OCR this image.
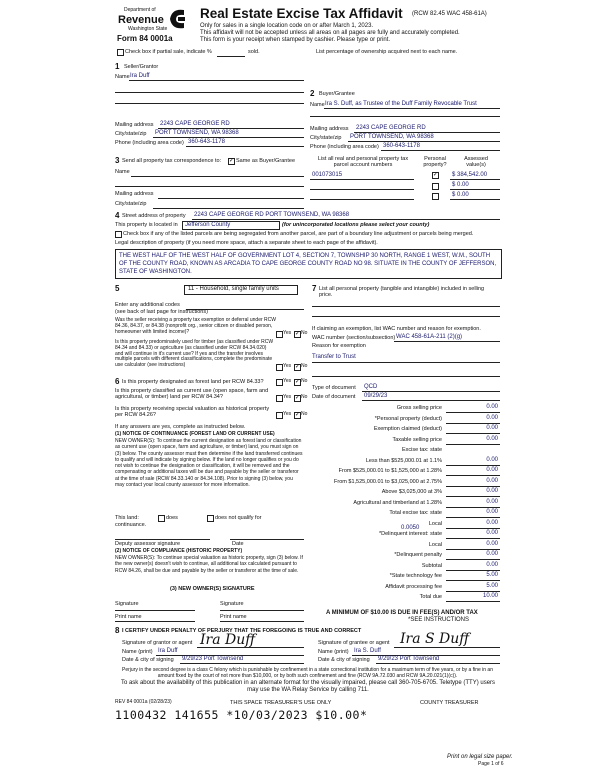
Department of
Revenue
Washington State
Form 84 0001a
Real Estate Excise Tax Affidavit (RCW 82.45 WAC 458-61A)
Only for sales in a single location code on or after March 1, 2023.
This affidavit will not be accepted unless all areas on all pages are fully and accurately completed.
This form is your receipt when stamped by cashier. Please type or print.
Check box if partial sale, indicate %	sold.	List percentage of ownership acquired next to each name.
1 Seller/Grantor
Name Ira Duff
Mailing address 2243 CAPE GEORGE RD
City/state/zip PORT TOWNSEND, WA 98368
Phone (including area code) 360-643-1178
2 Buyer/Grantee
Name Ira S. Duff, as Trustee of the Duff Family Revocable Trust
Mailing address 2243 CAPE GEORGE RD
City/state/zip PORT TOWNSEND, WA 98368
Phone (including area code) 360-643-1178
3 Send all property tax correspondence to: ✓ Same as Buyer/Grantee
Name
Mailing address
City/state/zip
List all real and personal property tax parcel account numbers
Personal property?
Assessed value(s)
001073015	✓ $ 384,542.00
$ 0.00
$ 0.00
4 Street address of property 2243 CAPE GEORGE RD PORT TOWNSEND, WA 98368
This property is located in Jefferson County	(for unincorporated locations please select your county)
Check box if any of the listed parcels are being segregated from another parcel, are part of a boundary line adjustment or parcels being merged.
Legal description of property (if you need more space, attach a separate sheet to each page of the affidavit).
THE WEST HALF OF THE WEST HALF OF GOVERNMENT LOT 4, SECTION 7, TOWNSHIP 30 NORTH, RANGE 1 WEST, W.M., SOUTH OF THE COUNTY ROAD, KNOWN AS ARCADIA TO CAPE GEORGE COUNTY ROAD NO 98. SITUATE IN THE COUNTY OF JEFFERSON, STATE OF WASHINGTON.
5	11 - Household, single family units
Enter any additional codes
(see back of last page for instructions)
Was the seller receiving a property tax exemption or deferral under RCW 84.36, 84.37, or 84.38 (nonprofit org., senior citizen or disabled person, homeowner with limited income)?	Yes ✓ No
Is this property predominately used for timber (as classified under RCW 84.34 and 84.33) or agriculture (as classified under RCW 84.34.020) and will continue in it's current use? If yes and the transfer involves multiple parcels with different classifications, complete the predominate use calculator (see instructions)	Yes ✓ No
6 Is this property designated as forest land per RCW 84.33?	Yes ✓ No
Is this property classified as current use (open space, farm and agricultural, or timber) land per RCW 84.34?	Yes ✓ No
Is this property receiving special valuation as historical property per RCW 84.26?	Yes ✓ No
If any answers are yes, complete as instructed below.
(1) NOTICE OF CONTINUANCE (FOREST LAND OR CURRENT USE)
NEW OWNER(S): To continue the current designation as forest land or classification as current use (open space, farm and agriculture, or timber) land, you must sign on (3) below. The county assessor must then determine if the land transferred continues to qualify and will indicate by signing below. If the land no longer qualifies or you do not wish to continue the designation or classification, it will be removed and the compensating or additional taxes will be due and payable by the seller or transferor at the time of sale (RCW 84.33.140 or 84.34.108). Prior to signing (3) below, you may contact your local county assessor for more information.
This land:	does	does not qualify for
continuance.
Deputy assessor signature	Date
(2) NOTICE OF COMPLIANCE (HISTORIC PROPERTY)
NEW OWNER(S): To continue special valuation as historic property, sign (3) below. If the new owner(s) doesn't wish to continue, all additional tax calculated pursuant to RCW 84.26, shall be due and payable by the seller or transferor at the time of sale.
(3) NEW OWNER(S) SIGNATURE
Signature	Signature
Print name	Print name
7 List all personal property (tangible and intangible) included in selling price.
If claiming an exemption, list WAC number and reason for exemption.
WAC number (section/subsection) WAC 458-61A-211 (2)(g)
Reason for exemption
Transfer to Trust
Type of document QCD
Date of document 09/29/23
Gross selling price	0.00
*Personal property (deduct)	0.00
Exemption claimed (deduct)	0.00
Taxable selling price	0.00
Excise tax: state
Less than $525,000.01 at 1.1%	0.00
From $525,000.01 to $1,525,000 at 1.28%	0.00
From $1,525,000.01 to $3,025,000 at 2.75%	0.00
Above $3,025,000 at 3%	0.00
Agricultural and timberland at 1.28%	0.00
Total excise tax: state	0.00
Local	0.00
*Delinquent interest: state	0.00
Local	0.00
*Delinquent penalty	0.00
Subtotal	0.00
*State technology fee	5.00
Affidavit processing fee	5.00
Total due	10.00
0.0050
A MINIMUM OF $10.00 IS DUE IN FEE(S) AND/OR TAX
*SEE INSTRUCTIONS
8 I CERTIFY UNDER PENALTY OF PERJURY THAT THE FOREGOING IS TRUE AND CORRECT
Signature of grantor or agent Ira Duff
Name (print) Ira Duff
Date & city of signing 9/29/23 Port Townsend
Signature of grantee or agent Ira S Duff
Name (print) Ira S. Duff
Date & city of signing 9/29/23 Port Townsend
Perjury in the second degree is a class C felony which is punishable by confinement in a state correctional institution for a maximum term of five years, or by a fine in an amount fixed by the court of not more than $10,000, or by both such confinement and fine (RCW 9A.72.030 and RCW 9A.20.021(1)(c)).
To ask about the availability of this publication in an alternate format for the visually impaired, please call 360-705-6705. Teletype (TTY) users may use the WA Relay Service by calling 711.
REV 84 0001a (02/28/23)	THIS SPACE TREASURER'S USE ONLY	COUNTY TREASURER
1100432 141655 *10/03/2023 $10.00*
Print on legal size paper.
Page 1 of 6
